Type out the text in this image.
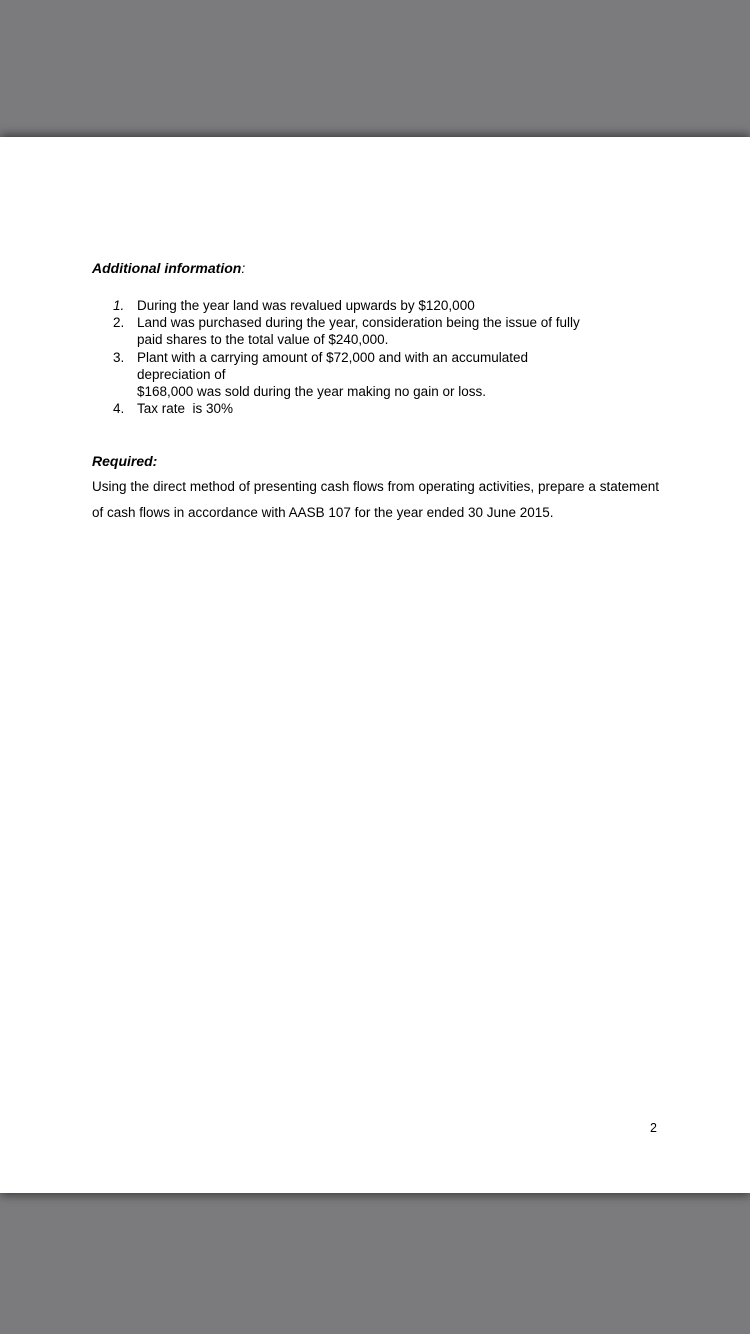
Additional information:
1. During the year land was revalued upwards by $120,000
2. Land was purchased during the year, consideration being the issue of fully
paid shares to the total value of $240,000.
3. Plant with a carrying amount of $72,000 and with an accumulated
depreciation of
$168,000 was sold during the year making no gain or loss.
4. Tax rate  is 30%
Required:
Using the direct method of presenting cash flows from operating activities, prepare a statement of cash flows in accordance with AASB 107 for the year ended 30 June 2015.
2
